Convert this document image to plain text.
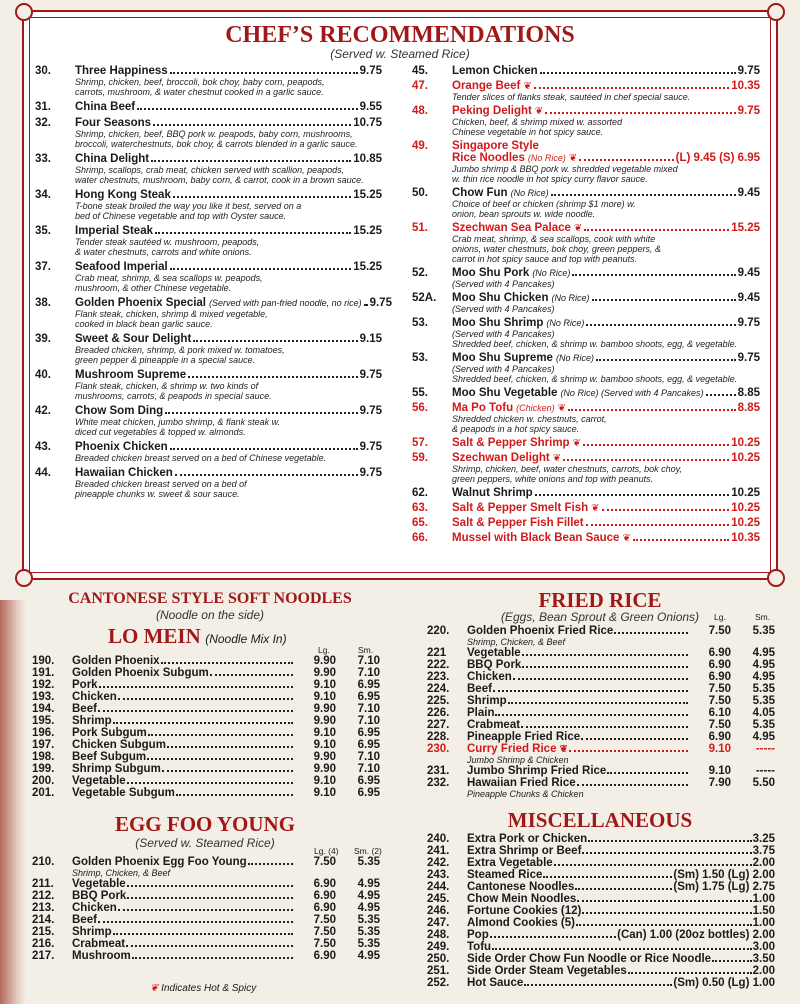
CHEF’S RECOMMENDATIONS
(Served w. Steamed Rice)
30.	Three Happiness	9.75
Shrimp, chicken, beef, broccoli, bok choy, baby corn, peapods,
carrots, mushroom, & water chestnut cooked in a garlic sauce.
31.	China Beef	9.55
32.	Four Seasons	10.75
Shrimp, chicken, beef, BBQ pork w. peapods, baby corn, mushrooms,
broccoli, waterchestnuts, bok choy, & carrots blended in a garlic sauce.
33.	China Delight	10.85
Shrimp, scallops, crab meat, chicken served with scallion, peapods,
water chestnuts, mushroom, baby corn, & carrot, cook in a brown sauce.
34.	Hong Kong Steak	15.25
T-bone steak broiled the way you like it best, served on a
bed of Chinese vegetable and top with Oyster sauce.
35.	Imperial Steak	15.25
Tender steak sautéed w. mushroom, peapods,
& water chestnuts, carrots and white onions.
37.	Seafood Imperial	15.25
Crab meat, shrimp, & sea scallops w. peapods,
mushroom, & other Chinese vegetable.
38.	Golden Phoenix Special (Served with pan-fried noodle, no rice) 9.75
Flank steak, chicken, shrimp & mixed vegetable,
cooked in black bean garlic sauce.
39.	Sweet & Sour Delight	9.15
Breaded chicken, shrimp, & pork mixed w. tomatoes,
green pepper & pineapple in a special sauce.
40.	Mushroom Supreme	9.75
Flank steak, chicken, & shrimp w. two kinds of
mushrooms, carrots, & peapods in special sauce.
42.	Chow Som Ding	9.75
White meat chicken, jumbo shrimp, & flank steak w.
diced cut vegetables & topped w. almonds.
43.	Phoenix Chicken	9.75
Breaded chicken breast served on a bed of Chinese vegetable.
44.	Hawaiian Chicken	9.75
Breaded chicken breast served on a bed of
pineapple chunks w. sweet & sour sauce.
45.	Lemon Chicken	9.75
47.	Orange Beef ❦	10.35
Tender slices of flanks steak, sautéed in chef special sauce.
48.	Peking Delight ❦	9.75
Chicken, beef, & shrimp mixed w. assorted
Chinese vegetable in hot spicy sauce.
49.	Singapore Style
Rice Noodles (No Rice) ❦	(L) 9.45 (S) 6.95
Jumbo shrimp & BBQ pork w. shredded vegetable mixed
w. thin rice noodle in hot spicy curry flavor sauce.
50.	Chow Fun (No Rice)	9.45
Choice of beef or chicken (shrimp $1 more) w.
onion, bean sprouts w. wide noodle.
51.	Szechwan Sea Palace ❦	15.25
Crab meat, shrimp, & sea scallops, cook with white
onions, water chestnuts, bok choy, green peppers, &
carrot in hot spicy sauce and top with peanuts.
52.	Moo Shu Pork (No Rice)	9.45
(Served with 4 Pancakes)
52A.	Moo Shu Chicken (No Rice)	9.45
(Served with 4 Pancakes)
53.	Moo Shu Shrimp (No Rice)	9.75
(Served with 4 Pancakes)
Shredded beef, chicken, & shrimp w. bamboo shoots, egg, & vegetable.
53.	Moo Shu Supreme (No Rice)	9.75
(Served with 4 Pancakes)
Shredded beef, chicken, & shrimp w. bamboo shoots, egg, & vegetable.
55.	Moo Shu Vegetable (No Rice) (Served with 4 Pancakes)	8.85
56.	Ma Po Tofu (Chicken) ❦	8.85
Shredded chicken w. chestnuts, carrot,
& peapods in a hot spicy sauce.
57.	Salt & Pepper Shrimp ❦	10.25
59.	Szechwan Delight ❦	10.25
Shrimp, chicken, beef, water chestnuts, carrots, bok choy,
green peppers, white onions and top with peanuts.
62.	Walnut Shrimp	10.25
63.	Salt & Pepper Smelt Fish ❦	10.25
65.	Salt & Pepper Fish Fillet	10.25
66.	Mussel with Black Bean Sauce ❦	10.35
CANTONESE STYLE SOFT NOODLES
(Noodle on the side)
LO MEIN (Noodle Mix In)
Lg.	Sm.
190.	Golden Phoenix	9.90	7.10
191.	Golden Phoenix Subgum	9.90	7.10
192.	Pork	9.10	6.95
193.	Chicken	9.10	6.95
194.	Beef	9.90	7.10
195.	Shrimp	9.90	7.10
196.	Pork Subgum	9.10	6.95
197.	Chicken Subgum	9.10	6.95
198.	Beef Subgum	9.90	7.10
199.	Shrimp Subgum	9.90	7.10
200.	Vegetable	9.10	6.95
201.	Vegetable Subgum	9.10	6.95
EGG FOO YOUNG
(Served w. Steamed Rice)
Lg. (4) Sm. (2)
210.	Golden Phoenix Egg Foo Young	7.50	5.35
Shrimp, Chicken, & Beef
211.	Vegetable	6.90	4.95
212.	BBQ Pork	6.90	4.95
213.	Chicken	6.90	4.95
214.	Beef	7.50	5.35
215.	Shrimp	7.50	5.35
216.	Crabmeat	7.50	5.35
217.	Mushroom	6.90	4.95
❦ Indicates Hot & Spicy
FRIED RICE
(Eggs, Bean Sprout & Green Onions)	Lg.	Sm.
220.	Golden Phoenix Fried Rice	7.50	5.35
Shrimp, Chicken, & Beef
221	Vegetable	6.90	4.95
222.	BBQ Pork	6.90	4.95
223.	Chicken	6.90	4.95
224.	Beef	7.50	5.35
225.	Shrimp	7.50	5.35
226.	Plain	6.10	4.05
227.	Crabmeat	7.50	5.35
228.	Pineapple Fried Rice	6.90	4.95
230.	Curry Fried Rice ❦	9.10	-----
Jumbo Shrimp & Chicken
231.	Jumbo Shrimp Fried Rice	9.10	-----
232.	Hawaiian Fried Rice	7.90	5.50
Pineapple Chunks & Chicken
MISCELLANEOUS
240.	Extra Pork or Chicken	3.25
241.	Extra Shrimp or Beef	3.75
242.	Extra Vegetable	2.00
243.	Steamed Rice	(Sm) 1.50 (Lg) 2.00
244.	Cantonese Noodles	(Sm) 1.75 (Lg) 2.75
245.	Chow Mein Noodles	1.00
246.	Fortune Cookies (12)	1.50
247.	Almond Cookies (5)	1.00
248.	Pop	(Can) 1.00 (20oz bottles) 2.00
249.	Tofu	3.00
250.	Side Order Chow Fun Noodle or Rice Noodle	3.50
251.	Side Order Steam Vegetables	2.00
252.	Hot Sauce	(Sm) 0.50 (Lg) 1.00
